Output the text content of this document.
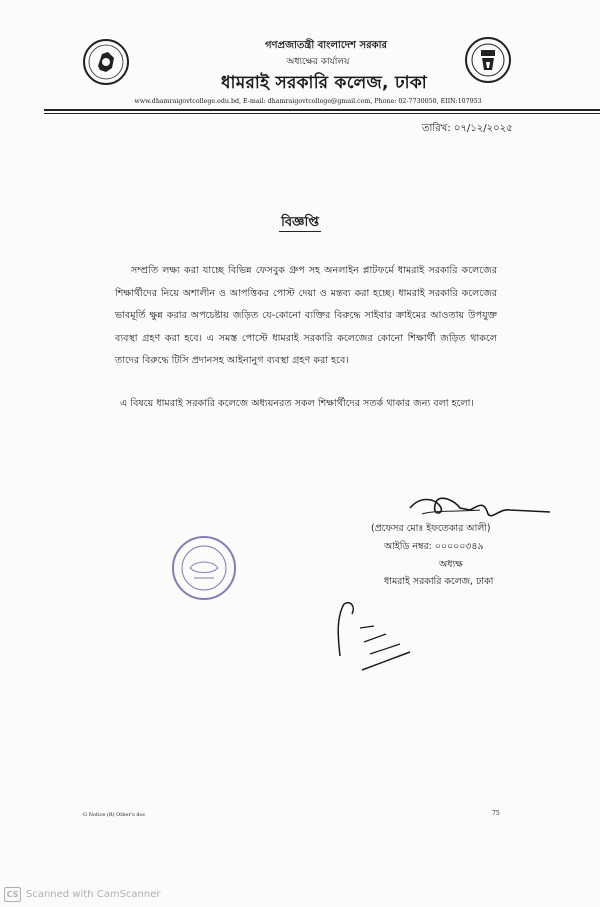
গণপ্রজাতন্ত্রী বাংলাদেশ সরকার
অধ্যক্ষের কার্যালয়
ধামরাই সরকারি কলেজ, ঢাকা
www.dhamraigovtcollege.edu.bd, E-mail: dhamraigovtcollege@gmail.com, Phone: 02-7730050, EIIN:107953
তারিখ: ০৭/১২/২০২৫
বিজ্ঞপ্তি

সম্প্রতি লক্ষ্য করা যাচ্ছে বিভিন্ন ফেসবুক গ্রুপ সহ অনলাইন প্লাটফর্মে ধামরাই সরকারি কলেজের শিক্ষার্থীদের নিয়ে অশালীন ও আপত্তিকর পোস্ট দেয়া ও মন্তব্য করা হচ্ছে। ধামরাই সরকারি কলেজের ভাবমূর্তি ক্ষুন্ন করার অপচেষ্টায় জড়িত যে-কোনো ব্যক্তির বিরুদ্ধে সাইবার ক্রাইমের আওতায় উপযুক্ত ব্যবস্থা গ্রহণ করা হবে। এ সমস্ত পোস্টে ধামরাই সরকারি কলেজের কোনো শিক্ষার্থী জড়িত থাকলে তাদের বিরুদ্ধে টিসি প্রদানসহ আইনানুগ ব্যবস্থা গ্রহণ করা হবে।

এ বিষয়ে ধামরাই সরকারি কলেজে অধ্যয়নরত সকল শিক্ষার্থীদের সতর্ক থাকার জন্য বলা হলো।

(প্রফেসর মোঃ ইফতেকার আলী)
আইডি নম্বর: ০০০০০৩৪৯
অধ্যক্ষ
ধামরাই সরকারি কলেজ, ঢাকা
G Notice (R) Other's doc	75
CS Scanned with CamScanner
